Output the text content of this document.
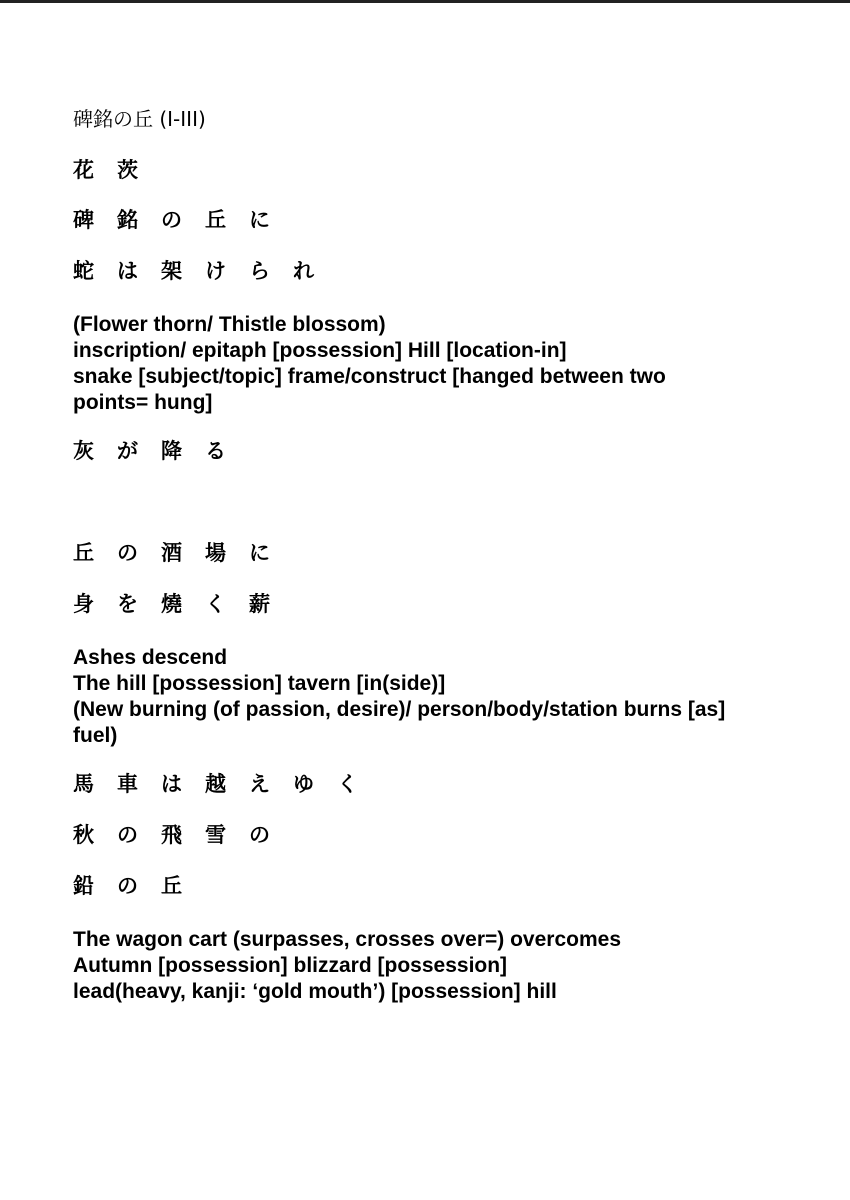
碑銘の丘 (I-III)
花茨
碑銘の丘に
蛇は架けられ
(Flower thorn/ Thistle blossom)
inscription/ epitaph [possession] Hill [location-in]
snake [subject/topic] frame/construct [hanged between two
points= hung]
灰が降る
丘の酒場に
身を燒く薪
Ashes descend
The hill [possession] tavern [in(side)]
(New burning (of passion, desire)/ person/body/station burns [as]
fuel)
馬車は越えゆく
秋の飛雪の
鉛の丘
The wagon cart (surpasses, crosses over=) overcomes
Autumn [possession] blizzard [possession]
lead(heavy, kanji: ‘gold mouth’) [possession] hill
